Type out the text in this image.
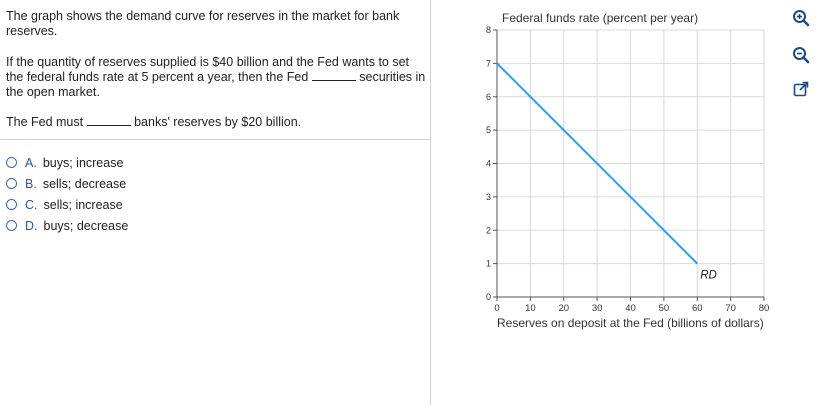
The graph shows the demand curve for reserves in the market for bank reserves.
If the quantity of reserves supplied is $40 billion and the Fed wants to set the federal funds rate at 5 percent a year, then the Fed	securities in the open market.
The Fed must	banks' reserves by $20 billion.
A. buys; increase
B. sells; decrease
C. sells; increase
D. buys; decrease
Federal funds rate (percent per year)
0
1
2
3
4
5
6
7
8
0	10 20 30 40 50 60 70 80
RD
Reserves on deposit at the Fed (billions of dollars)
